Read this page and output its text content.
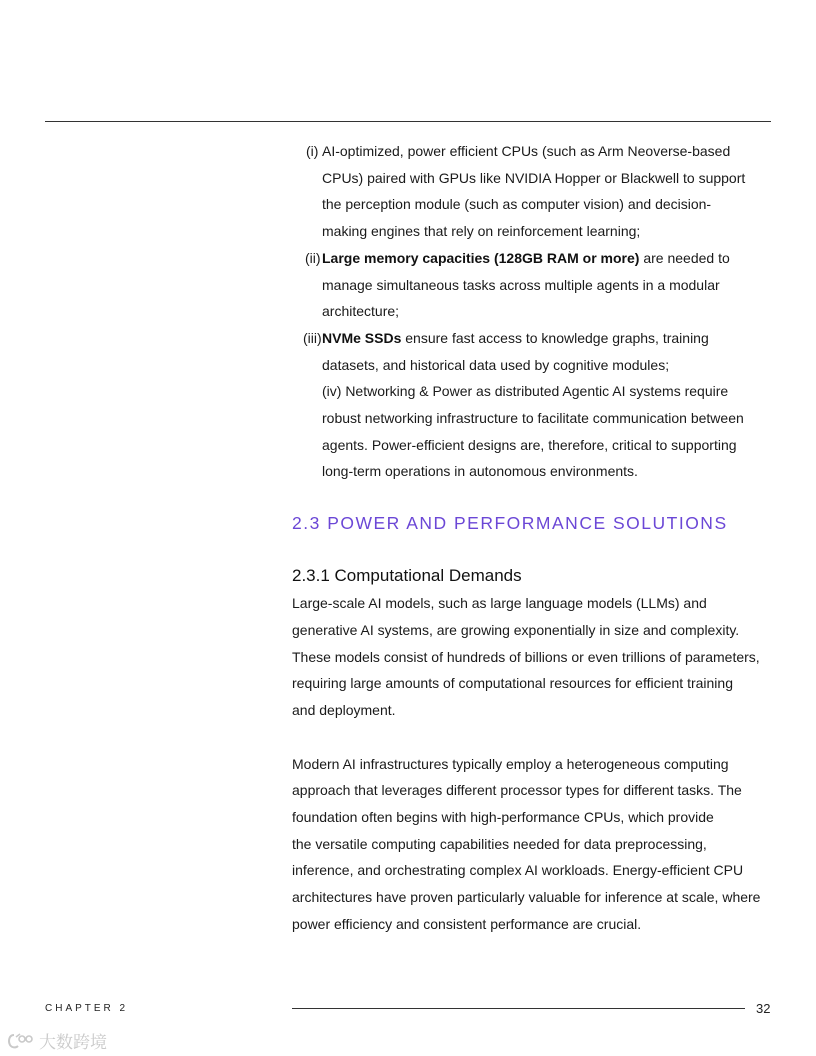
(i) AI-optimized, power efficient CPUs (such as Arm Neoverse-based
CPUs) paired with GPUs like NVIDIA Hopper or Blackwell to support
the perception module (such as computer vision) and decision-
making engines that rely on reinforcement learning;
(ii) Large memory capacities (128GB RAM or more) are needed to
manage simultaneous tasks across multiple agents in a modular
architecture;
(iii) NVMe SSDs ensure fast access to knowledge graphs, training
datasets, and historical data used by cognitive modules;
(iv) Networking & Power as distributed Agentic AI systems require
robust networking infrastructure to facilitate communication between
agents. Power-efficient designs are, therefore, critical to supporting
long-term operations in autonomous environments.
2.3 POWER AND PERFORMANCE SOLUTIONS
2.3.1 Computational Demands
Large-scale AI models, such as large language models (LLMs) and
generative AI systems, are growing exponentially in size and complexity.
These models consist of hundreds of billions or even trillions of parameters,
requiring large amounts of computational resources for efficient training
and deployment.
Modern AI infrastructures typically employ a heterogeneous computing
approach that leverages different processor types for different tasks. The
foundation often begins with high-performance CPUs, which provide
the versatile computing capabilities needed for data preprocessing,
inference, and orchestrating complex AI workloads. Energy-efficient CPU
architectures have proven particularly valuable for inference at scale, where
power efficiency and consistent performance are crucial.
CHAPTER 2	32
大数跨境
